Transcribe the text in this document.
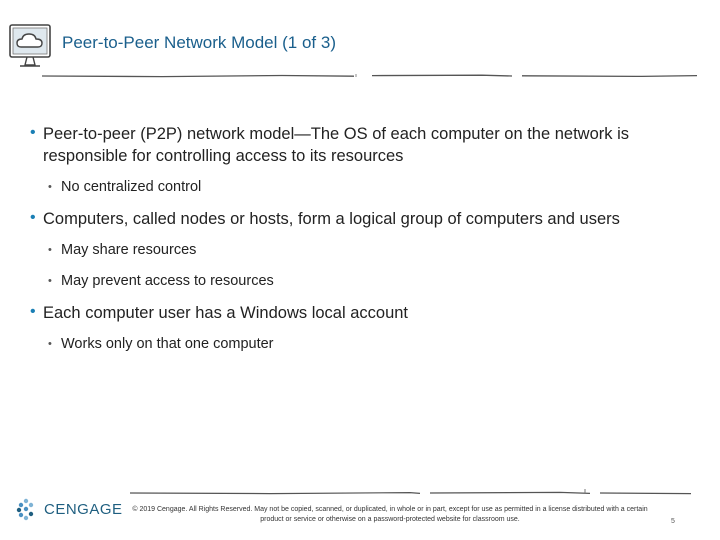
Peer-to-Peer Network Model (1 of 3)
• Peer-to-peer (P2P) network model—The OS of each computer on the network is responsible for controlling access to its resources
• No centralized control
• Computers, called nodes or hosts, form a logical group of computers and users
• May share resources
• May prevent access to resources
• Each computer user has a Windows local account
• Works only on that one computer
CENGAGE	© 2019 Cengage. All Rights Reserved. May not be copied, scanned, or duplicated, in whole or in part, except for use as permitted in a license distributed with a certain product or service or otherwise on a password-protected website for classroom use.	5
